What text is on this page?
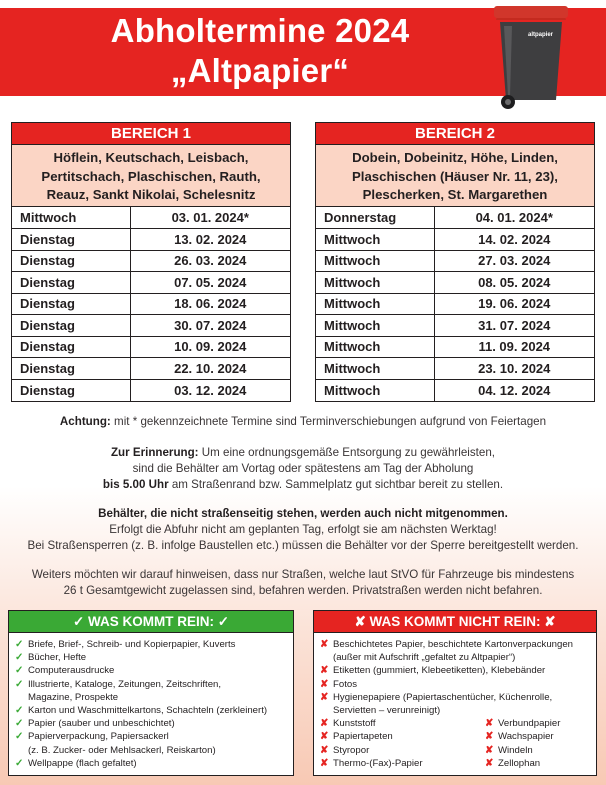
Abholtermine 2024
„Altpapier“
altpapier
BEREICH 1
Höflein, Keutschach, Leisbach,
Pertitschach, Plaschischen, Rauth,
Reauz, Sankt Nikolai, Schelesnitz
Mittwoch	03. 01. 2024*
Dienstag	13. 02. 2024
Dienstag	26. 03. 2024
Dienstag	07. 05. 2024
Dienstag	18. 06. 2024
Dienstag	30. 07. 2024
Dienstag	10. 09. 2024
Dienstag	22. 10. 2024
Dienstag	03. 12. 2024
BEREICH 2
Dobein, Dobeinitz, Höhe, Linden,
Plaschischen (Häuser Nr. 11, 23),
Plescherken, St. Margarethen
Donnerstag	04. 01. 2024*
Mittwoch	14. 02. 2024
Mittwoch	27. 03. 2024
Mittwoch	08. 05. 2024
Mittwoch	19. 06. 2024
Mittwoch	31. 07. 2024
Mittwoch	11. 09. 2024
Mittwoch	23. 10. 2024
Mittwoch	04. 12. 2024
Achtung: mit * gekennzeichnete Termine sind Terminverschiebungen aufgrund von Feiertagen
Zur Erinnerung: Um eine ordnungsgemäße Entsorgung zu gewährleisten,
sind die Behälter am Vortag oder spätestens am Tag der Abholung
bis 5.00 Uhr am Straßenrand bzw. Sammelplatz gut sichtbar bereit zu stellen.
Behälter, die nicht straßenseitig stehen, werden auch nicht mitgenommen.
Erfolgt die Abfuhr nicht am geplanten Tag, erfolgt sie am nächsten Werktag!
Bei Straßensperren (z. B. infolge Baustellen etc.) müssen die Behälter vor der Sperre bereitgestellt werden.
Weiters möchten wir darauf hinweisen, dass nur Straßen, welche laut StVO für Fahrzeuge bis mindestens
26 t Gesamtgewicht zugelassen sind, befahren werden. Privatstraßen werden nicht befahren.
✓ WAS KOMMT REIN: ✓
✓ Briefe, Brief-, Schreib- und Kopierpapier, Kuverts
✓ Bücher, Hefte
✓ Computerausdrucke
✓ Illustrierte, Kataloge, Zeitungen, Zeitschriften,
Magazine, Prospekte
✓ Karton und Waschmittelkartons, Schachteln (zerkleinert)
✓ Papier (sauber und unbeschichtet)
✓ Papierverpackung, Papiersackerl
(z. B. Zucker- oder Mehlsackerl, Reiskarton)
✓ Wellpappe (flach gefaltet)
✘ WAS KOMMT NICHT REIN: ✘
✘ Beschichtetes Papier, beschichtete Kartonverpackungen
(außer mit Aufschrift „gefaltet zu Altpapier“)
✘ Etiketten (gummiert, Klebeetiketten), Klebebänder
✘ Fotos
✘ Hygienepapiere (Papiertaschentücher, Küchenrolle,
Servietten – verunreinigt)
✘ Kunststoff
✘ Papiertapeten
✘ Styropor
✘ Thermo-(Fax)-Papier
✘ Verbundpapier
✘ Wachspapier
✘ Windeln
✘ Zellophan
